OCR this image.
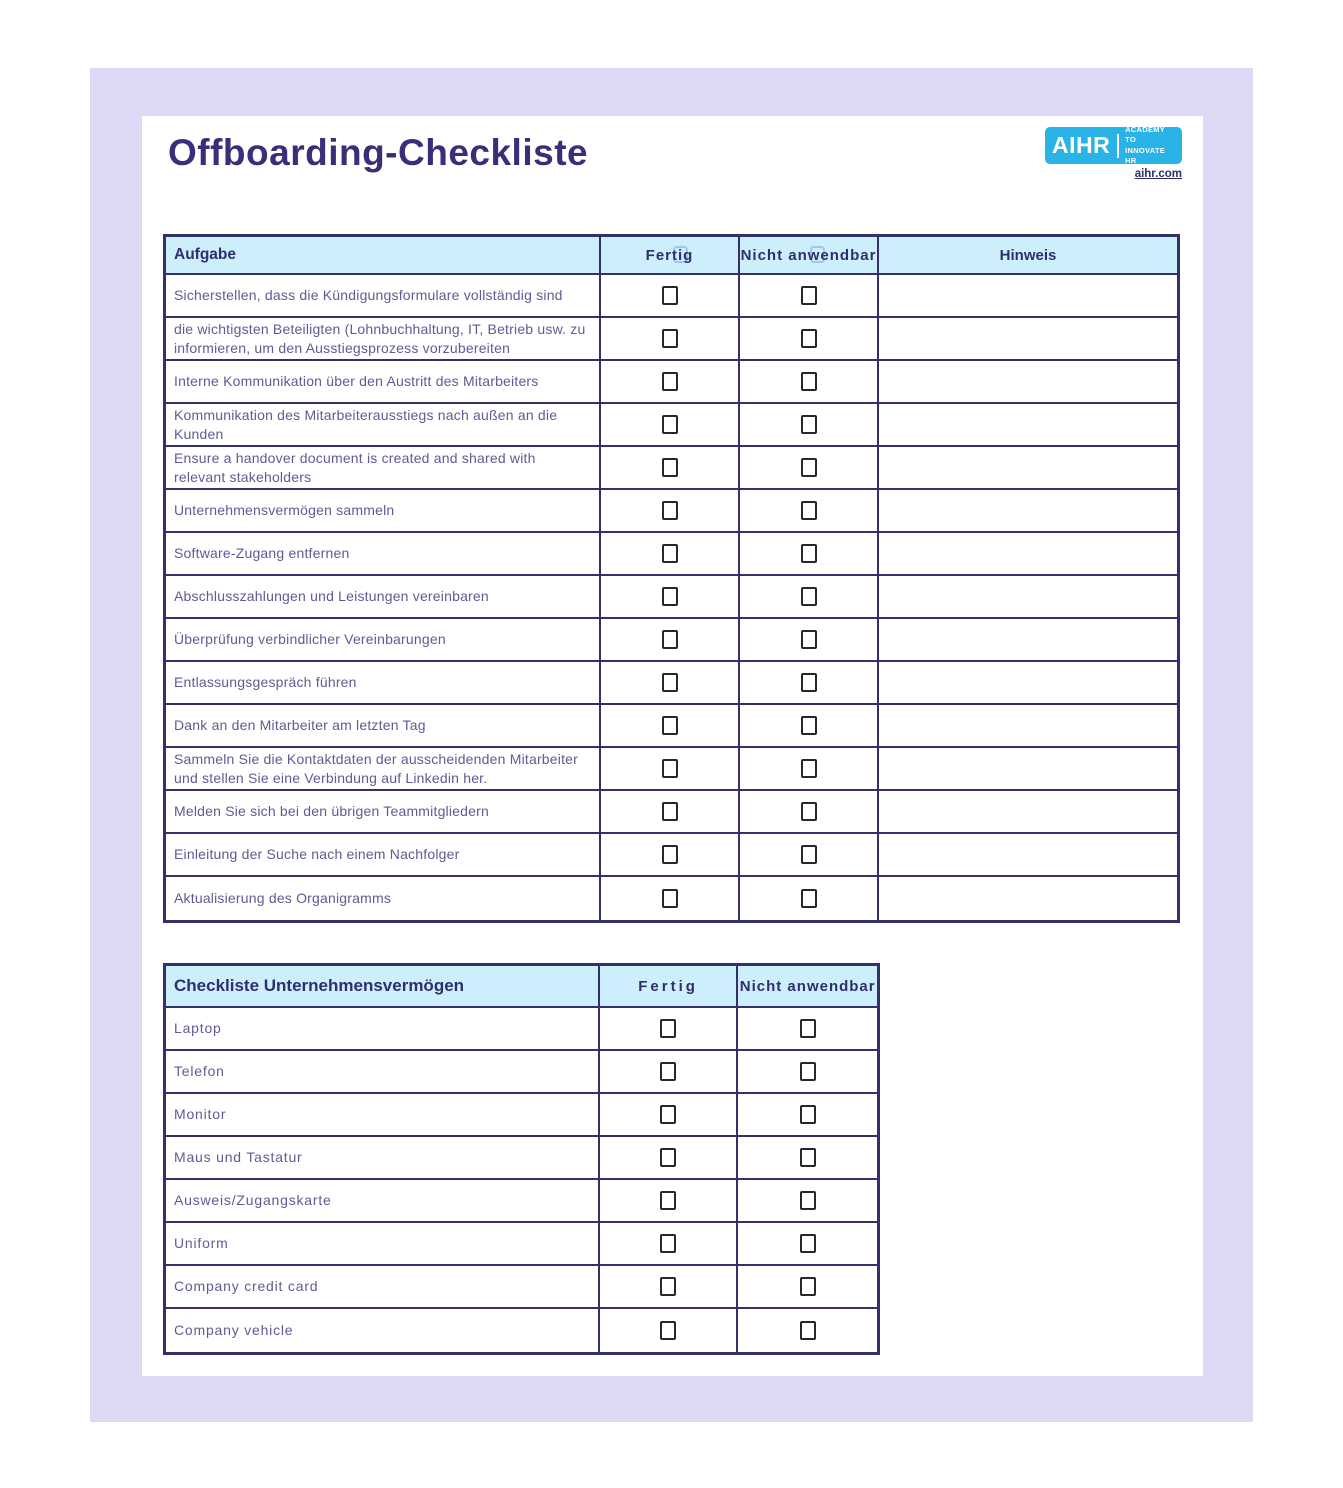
Offboarding-Checkliste	AIHR
ACADEMY TO
INNOVATE HR
aihr.com
Aufgabe	Fertig	Nicht anwendbar	Hinweis
Sicherstellen, dass die Kündigungsformulare vollständig sind
die wichtigsten Beteiligten (Lohnbuchhaltung, IT, Betrieb usw. zu informieren, um den Ausstiegsprozess vorzubereiten
Interne Kommunikation über den Austritt des Mitarbeiters
Kommunikation des Mitarbeiterausstiegs nach außen an die Kunden
Ensure a handover document is created and shared with relevant stakeholders
Unternehmensvermögen sammeln
Software-Zugang entfernen
Abschlusszahlungen und Leistungen vereinbaren
Überprüfung verbindlicher Vereinbarungen
Entlassungsgespräch führen
Dank an den Mitarbeiter am letzten Tag
Sammeln Sie die Kontaktdaten der ausscheidenden Mitarbeiter und stellen Sie eine Verbindung auf Linkedin her.
Melden Sie sich bei den übrigen Teammitgliedern
Einleitung der Suche nach einem Nachfolger
Aktualisierung des Organigramms
Checkliste Unternehmensvermögen	Fertig	Nicht anwendbar
Laptop
Telefon
Monitor
Maus und Tastatur
Ausweis/Zugangskarte
Uniform
Company credit card
Company vehicle
